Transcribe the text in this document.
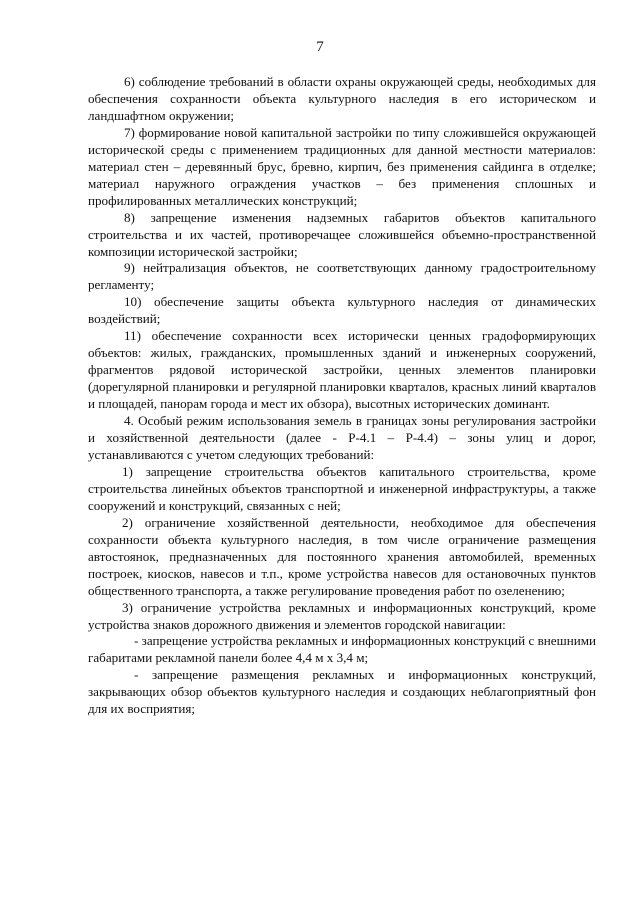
7

6) соблюдение требований в области охраны окружающей среды, необходимых для обеспечения сохранности объекта культурного наследия в его историческом и ландшафтном окружении;

7) формирование новой капитальной застройки по типу сложившейся окружающей исторической среды с применением традиционных для данной местности материалов: материал стен – деревянный брус, бревно, кирпич, без применения сайдинга в отделке; материал наружного ограждения участков – без применения сплошных и профилированных металлических конструкций;

8) запрещение изменения надземных габаритов объектов капитального строительства и их частей, противоречащее сложившейся объемно-пространственной композиции исторической застройки;

9) нейтрализация объектов, не соответствующих данному градостроительному регламенту;

10) обеспечение защиты объекта культурного наследия от динамических воздействий;

11) обеспечение сохранности всех исторически ценных градоформирующих объектов: жилых, гражданских, промышленных зданий и инженерных сооружений, фрагментов рядовой исторической застройки, ценных элементов планировки (дорегулярной планировки и регулярной планировки кварталов, красных линий кварталов и площадей, панорам города и мест их обзора), высотных исторических доминант.

4. Особый режим использования земель в границах зоны регулирования застройки и хозяйственной деятельности (далее - Р-4.1 – Р-4.4) – зоны улиц и дорог, устанавливаются с учетом следующих требований:

1) запрещение строительства объектов капитального строительства, кроме строительства линейных объектов транспортной и инженерной инфраструктуры, а также сооружений и конструкций, связанных с ней;

2) ограничение хозяйственной деятельности, необходимое для обеспечения сохранности объекта культурного наследия, в том числе ограничение размещения автостоянок, предназначенных для постоянного хранения автомобилей, временных построек, киосков, навесов и т.п., кроме устройства навесов для остановочных пунктов общественного транспорта, а также регулирование проведения работ по озеленению;

3) ограничение устройства рекламных и информационных конструкций, кроме устройства знаков дорожного движения и элементов городской навигации:

- запрещение устройства рекламных и информационных конструкций с внешними габаритами рекламной панели более 4,4 м х 3,4 м;

- запрещение размещения рекламных и информационных конструкций, закрывающих обзор объектов культурного наследия и создающих неблагоприятный фон для их восприятия;
